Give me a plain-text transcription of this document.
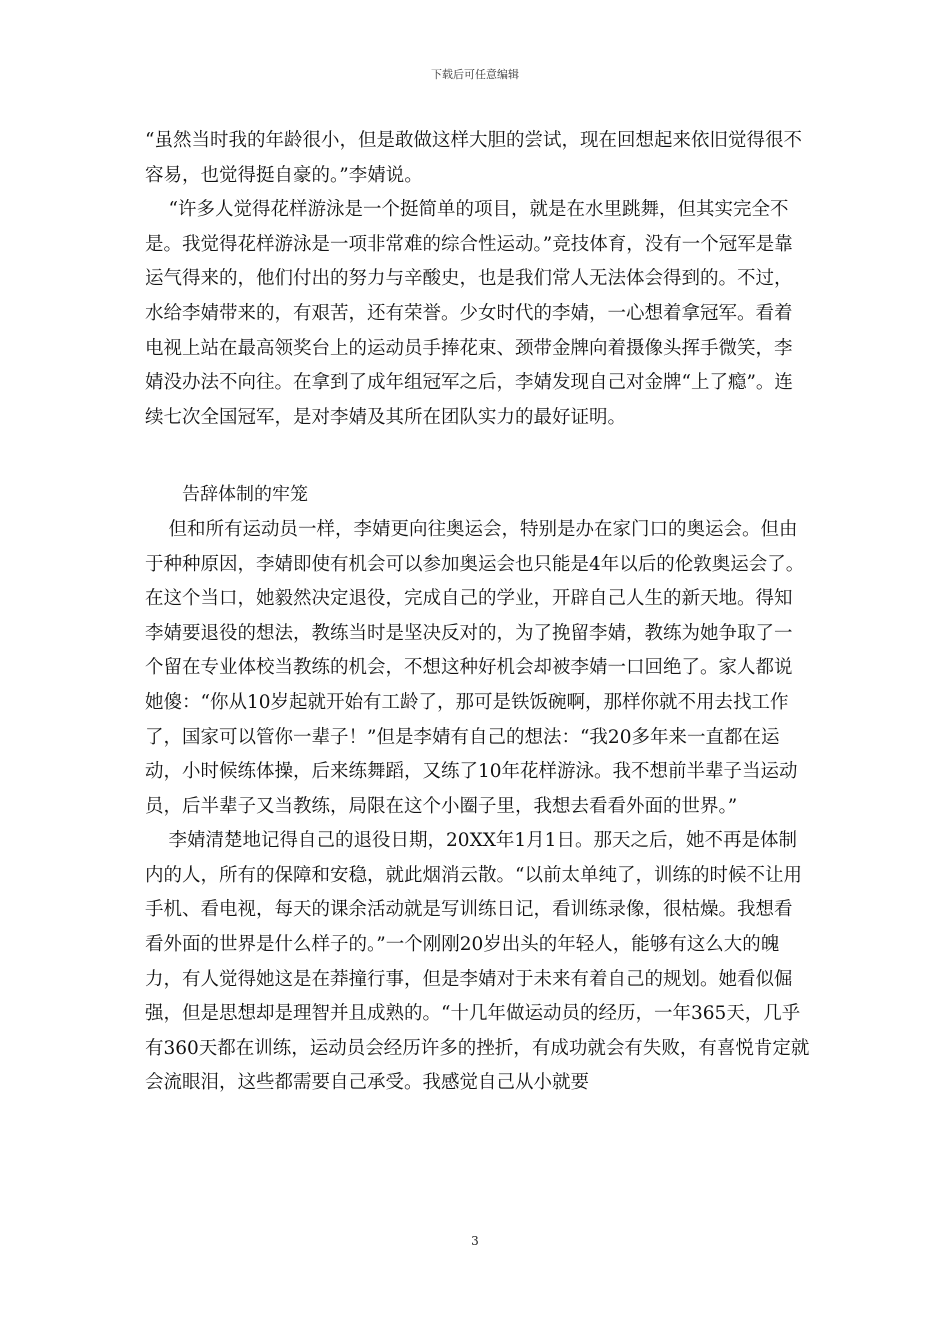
下载后可任意编辑

“虽然当时我的年龄很小，但是敢做这样大胆的尝试，现在回想起来依旧觉得很不容易，也觉得挺自豪的。”李婧说。

“许多人觉得花样游泳是一个挺简单的项目，就是在水里跳舞，但其实完全不是。我觉得花样游泳是一项非常难的综合性运动。”竞技体育，没有一个冠军是靠运气得来的，他们付出的努力与辛酸史，也是我们常人无法体会得到的。不过，水给李婧带来的，有艰苦，还有荣誉。少女时代的李婧，一心想着拿冠军。看着电视上站在最高领奖台上的运动员手捧花束、颈带金牌向着摄像头挥手微笑，李婧没办法不向往。在拿到了成年组冠军之后，李婧发现自己对金牌“上了瘾”。连续七次全国冠军，是对李婧及其所在团队实力的最好证明。

告辞体制的牢笼

但和所有运动员一样，李婧更向往奥运会，特别是办在家门口的奥运会。但由于种种原因，李婧即使有机会可以参加奥运会也只能是4年以后的伦敦奥运会了。在这个当口，她毅然决定退役，完成自己的学业，开辟自己人生的新天地。得知李婧要退役的想法，教练当时是坚决反对的，为了挽留李婧，教练为她争取了一个留在专业体校当教练的机会，不想这种好机会却被李婧一口回绝了。家人都说她傻：“你从10岁起就开始有工龄了，那可是铁饭碗啊，那样你就不用去找工作了，国家可以管你一辈子！”但是李婧有自己的想法：“我20多年来一直都在运动，小时候练体操，后来练舞蹈，又练了10年花样游泳。我不想前半辈子当运动员，后半辈子又当教练，局限在这个小圈子里，我想去看看外面的世界。”

李婧清楚地记得自己的退役日期，20XX年1月1日。那天之后，她不再是体制内的人，所有的保障和安稳，就此烟消云散。“以前太单纯了，训练的时候不让用手机、看电视，每天的课余活动就是写训练日记，看训练录像，很枯燥。我想看看外面的世界是什么样子的。”一个刚刚20岁出头的年轻人，能够有这么大的魄力，有人觉得她这是在莽撞行事，但是李婧对于未来有着自己的规划。她看似倔强，但是思想却是理智并且成熟的。“十几年做运动员的经历，一年365天，几乎有360天都在训练，运动员会经历许多的挫折，有成功就会有失败，有喜悦肯定就会流眼泪，这些都需要自己承受。我感觉自己从小就要

3
